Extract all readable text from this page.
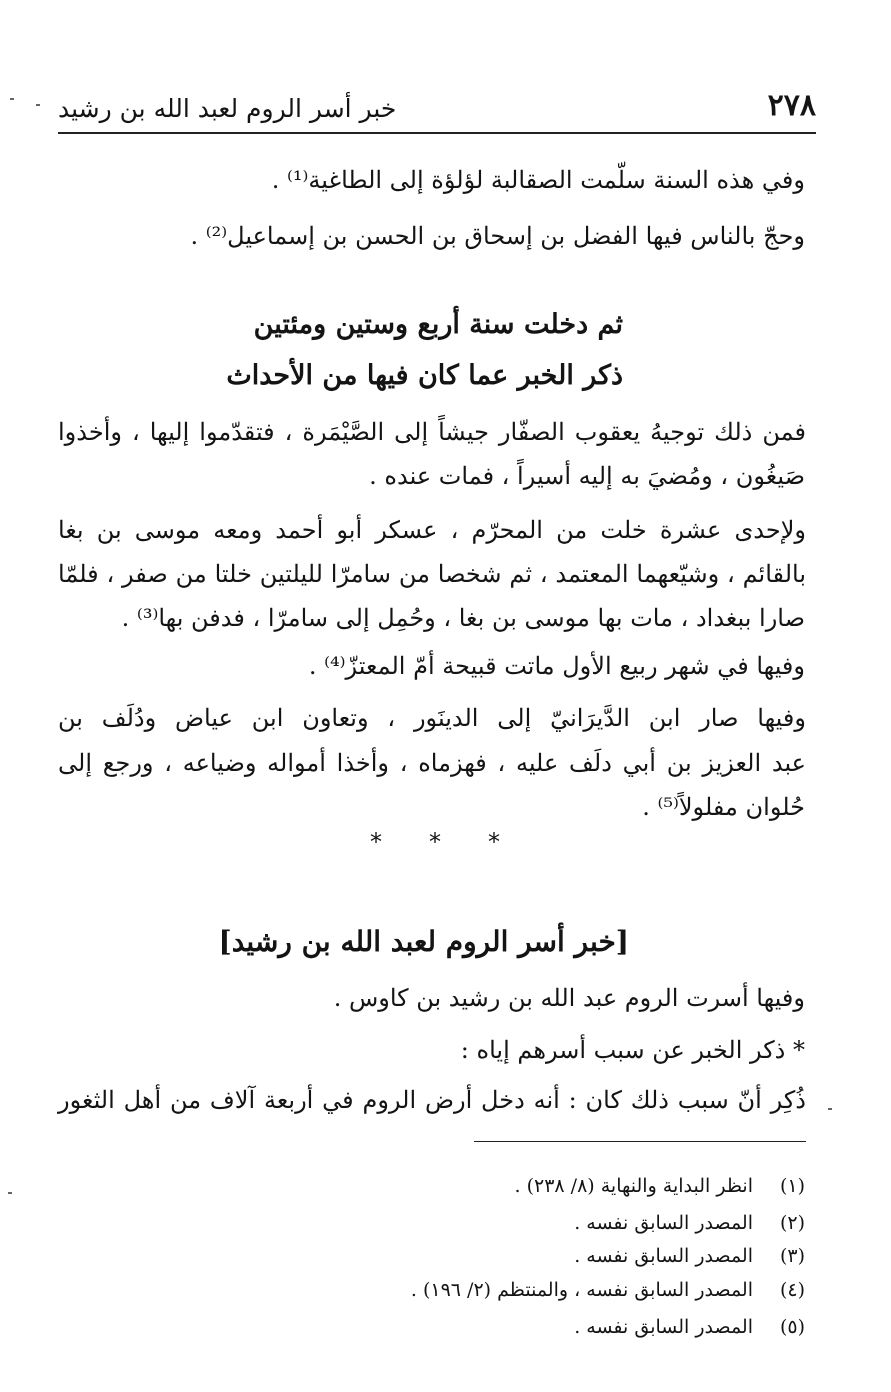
٢٧٨
خبر أسر الروم لعبد الله بن رشيد
وفي هذه السنة سلّمت الصقالبة لؤلؤة إلى الطاغية⁽¹⁾ .
وحجّ بالناس فيها الفضل بن إسحاق بن الحسن بن إسماعيل⁽²⁾ .
ثم دخلت سنة أربع وستين ومئتين
ذكر الخبر عما كان فيها من الأحداث
فمن ذلك توجيهُ يعقوب الصفّار جيشاً إلى الصَّيْمَرة ، فتقدّموا إليها ، وأخذوا
صَيغُون ، ومُضيَ به إليه أسيراً ، فمات عنده .
ولإحدى عشرة خلت من المحرّم ، عسكر أبو أحمد ومعه موسى بن بغا
بالقائم ، وشيّعهما المعتمد ، ثم شخصا من سامرّا لليلتين خلتا من صفر ، فلمّا
صارا ببغداد ، مات بها موسى بن بغا ، وحُمِل إلى سامرّا ، فدفن بها⁽³⁾ .
وفيها في شهر ربيع الأول ماتت قبيحة أمّ المعتزّ⁽⁴⁾ .
وفيها صار ابن الدَّيرَانيّ إلى الدينَور ، وتعاون ابن عياض ودُلَف بن
عبد العزيز بن أبي دلَف عليه ، فهزماه ، وأخذا أمواله وضياعه ، ورجع إلى
حُلوان مفلولاً⁽⁵⁾ .
* * *
[خبر أسر الروم لعبد الله بن رشيد]
وفيها أسرت الروم عبد الله بن رشيد بن كاوس .
* ذكر الخبر عن سبب أسرهم إياه :
ذُكِر أنّ سبب ذلك كان : أنه دخل أرض الروم في أربعة آلاف من أهل الثغور
(١)انظر البداية والنهاية (٨/ ٢٣٨) .
(٢)المصدر السابق نفسه .
(٣)المصدر السابق نفسه .
(٤)المصدر السابق نفسه ، والمنتظم (٢/ ١٩٦) .
(٥)المصدر السابق نفسه .
